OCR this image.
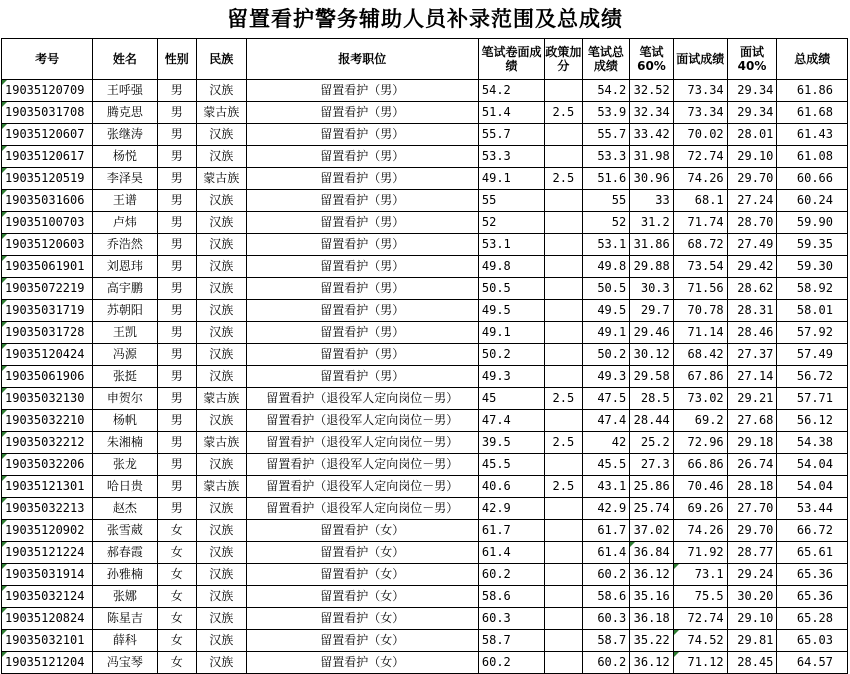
留置看护警务辅助人员补录范围及总成绩
考号	姓名	性别	民族	报考职位	笔试卷面成绩	政策加分	笔试总成绩	笔试60%	面试成绩	面试40%	总成绩
19035120709	王呼强	男	汉族	留置看护（男）	54.2		54.2	32.52	73.34	29.34	61.86
19035031708	腾克思	男	蒙古族	留置看护（男）	51.4	2.5	53.9	32.34	73.34	29.34	61.68
19035120607	张继涛	男	汉族	留置看护（男）	55.7		55.7	33.42	70.02	28.01	61.43
19035120617	杨悦	男	汉族	留置看护（男）	53.3		53.3	31.98	72.74	29.10	61.08
19035120519	李泽昊	男	蒙古族	留置看护（男）	49.1	2.5	51.6	30.96	74.26	29.70	60.66
19035031606	王谱	男	汉族	留置看护（男）	55		55	33	68.1	27.24	60.24
19035100703	卢炜	男	汉族	留置看护（男）	52		52	31.2	71.74	28.70	59.90
19035120603	乔浩然	男	汉族	留置看护（男）	53.1		53.1	31.86	68.72	27.49	59.35
19035061901	刘恩玮	男	汉族	留置看护（男）	49.8		49.8	29.88	73.54	29.42	59.30
19035072219	高宇鹏	男	汉族	留置看护（男）	50.5		50.5	30.3	71.56	28.62	58.92
19035031719	苏朝阳	男	汉族	留置看护（男）	49.5		49.5	29.7	70.78	28.31	58.01
19035031728	王凯	男	汉族	留置看护（男）	49.1		49.1	29.46	71.14	28.46	57.92
19035120424	冯源	男	汉族	留置看护（男）	50.2		50.2	30.12	68.42	27.37	57.49
19035061906	张挺	男	汉族	留置看护（男）	49.3		49.3	29.58	67.86	27.14	56.72
19035032130	申贺尔	男	蒙古族	留置看护（退役军人定向岗位－男）	45	2.5	47.5	28.5	73.02	29.21	57.71
19035032210	杨帆	男	汉族	留置看护（退役军人定向岗位－男）	47.4		47.4	28.44	69.2	27.68	56.12
19035032212	朱湘楠	男	蒙古族	留置看护（退役军人定向岗位－男）	39.5	2.5	42	25.2	72.96	29.18	54.38
19035032206	张龙	男	汉族	留置看护（退役军人定向岗位－男）	45.5		45.5	27.3	66.86	26.74	54.04
19035121301	哈日贵	男	蒙古族	留置看护（退役军人定向岗位－男）	40.6	2.5	43.1	25.86	70.46	28.18	54.04
19035032213	赵杰	男	汉族	留置看护（退役军人定向岗位－男）	42.9		42.9	25.74	69.26	27.70	53.44
19035120902	张雪葳	女	汉族	留置看护（女）	61.7		61.7	37.02	74.26	29.70	66.72
19035121224	郝春霞	女	汉族	留置看护（女）	61.4		61.4	36.84	71.92	28.77	65.61
19035031914	孙雅楠	女	汉族	留置看护（女）	60.2		60.2	36.12	73.1	29.24	65.36
19035032124	张娜	女	汉族	留置看护（女）	58.6		58.6	35.16	75.5	30.20	65.36
19035120824	陈星吉	女	汉族	留置看护（女）	60.3		60.3	36.18	72.74	29.10	65.28
19035032101	薛科	女	汉族	留置看护（女）	58.7		58.7	35.22	74.52	29.81	65.03
19035121204	冯宝琴	女	汉族	留置看护（女）	60.2		60.2	36.12	71.12	28.45	64.57
